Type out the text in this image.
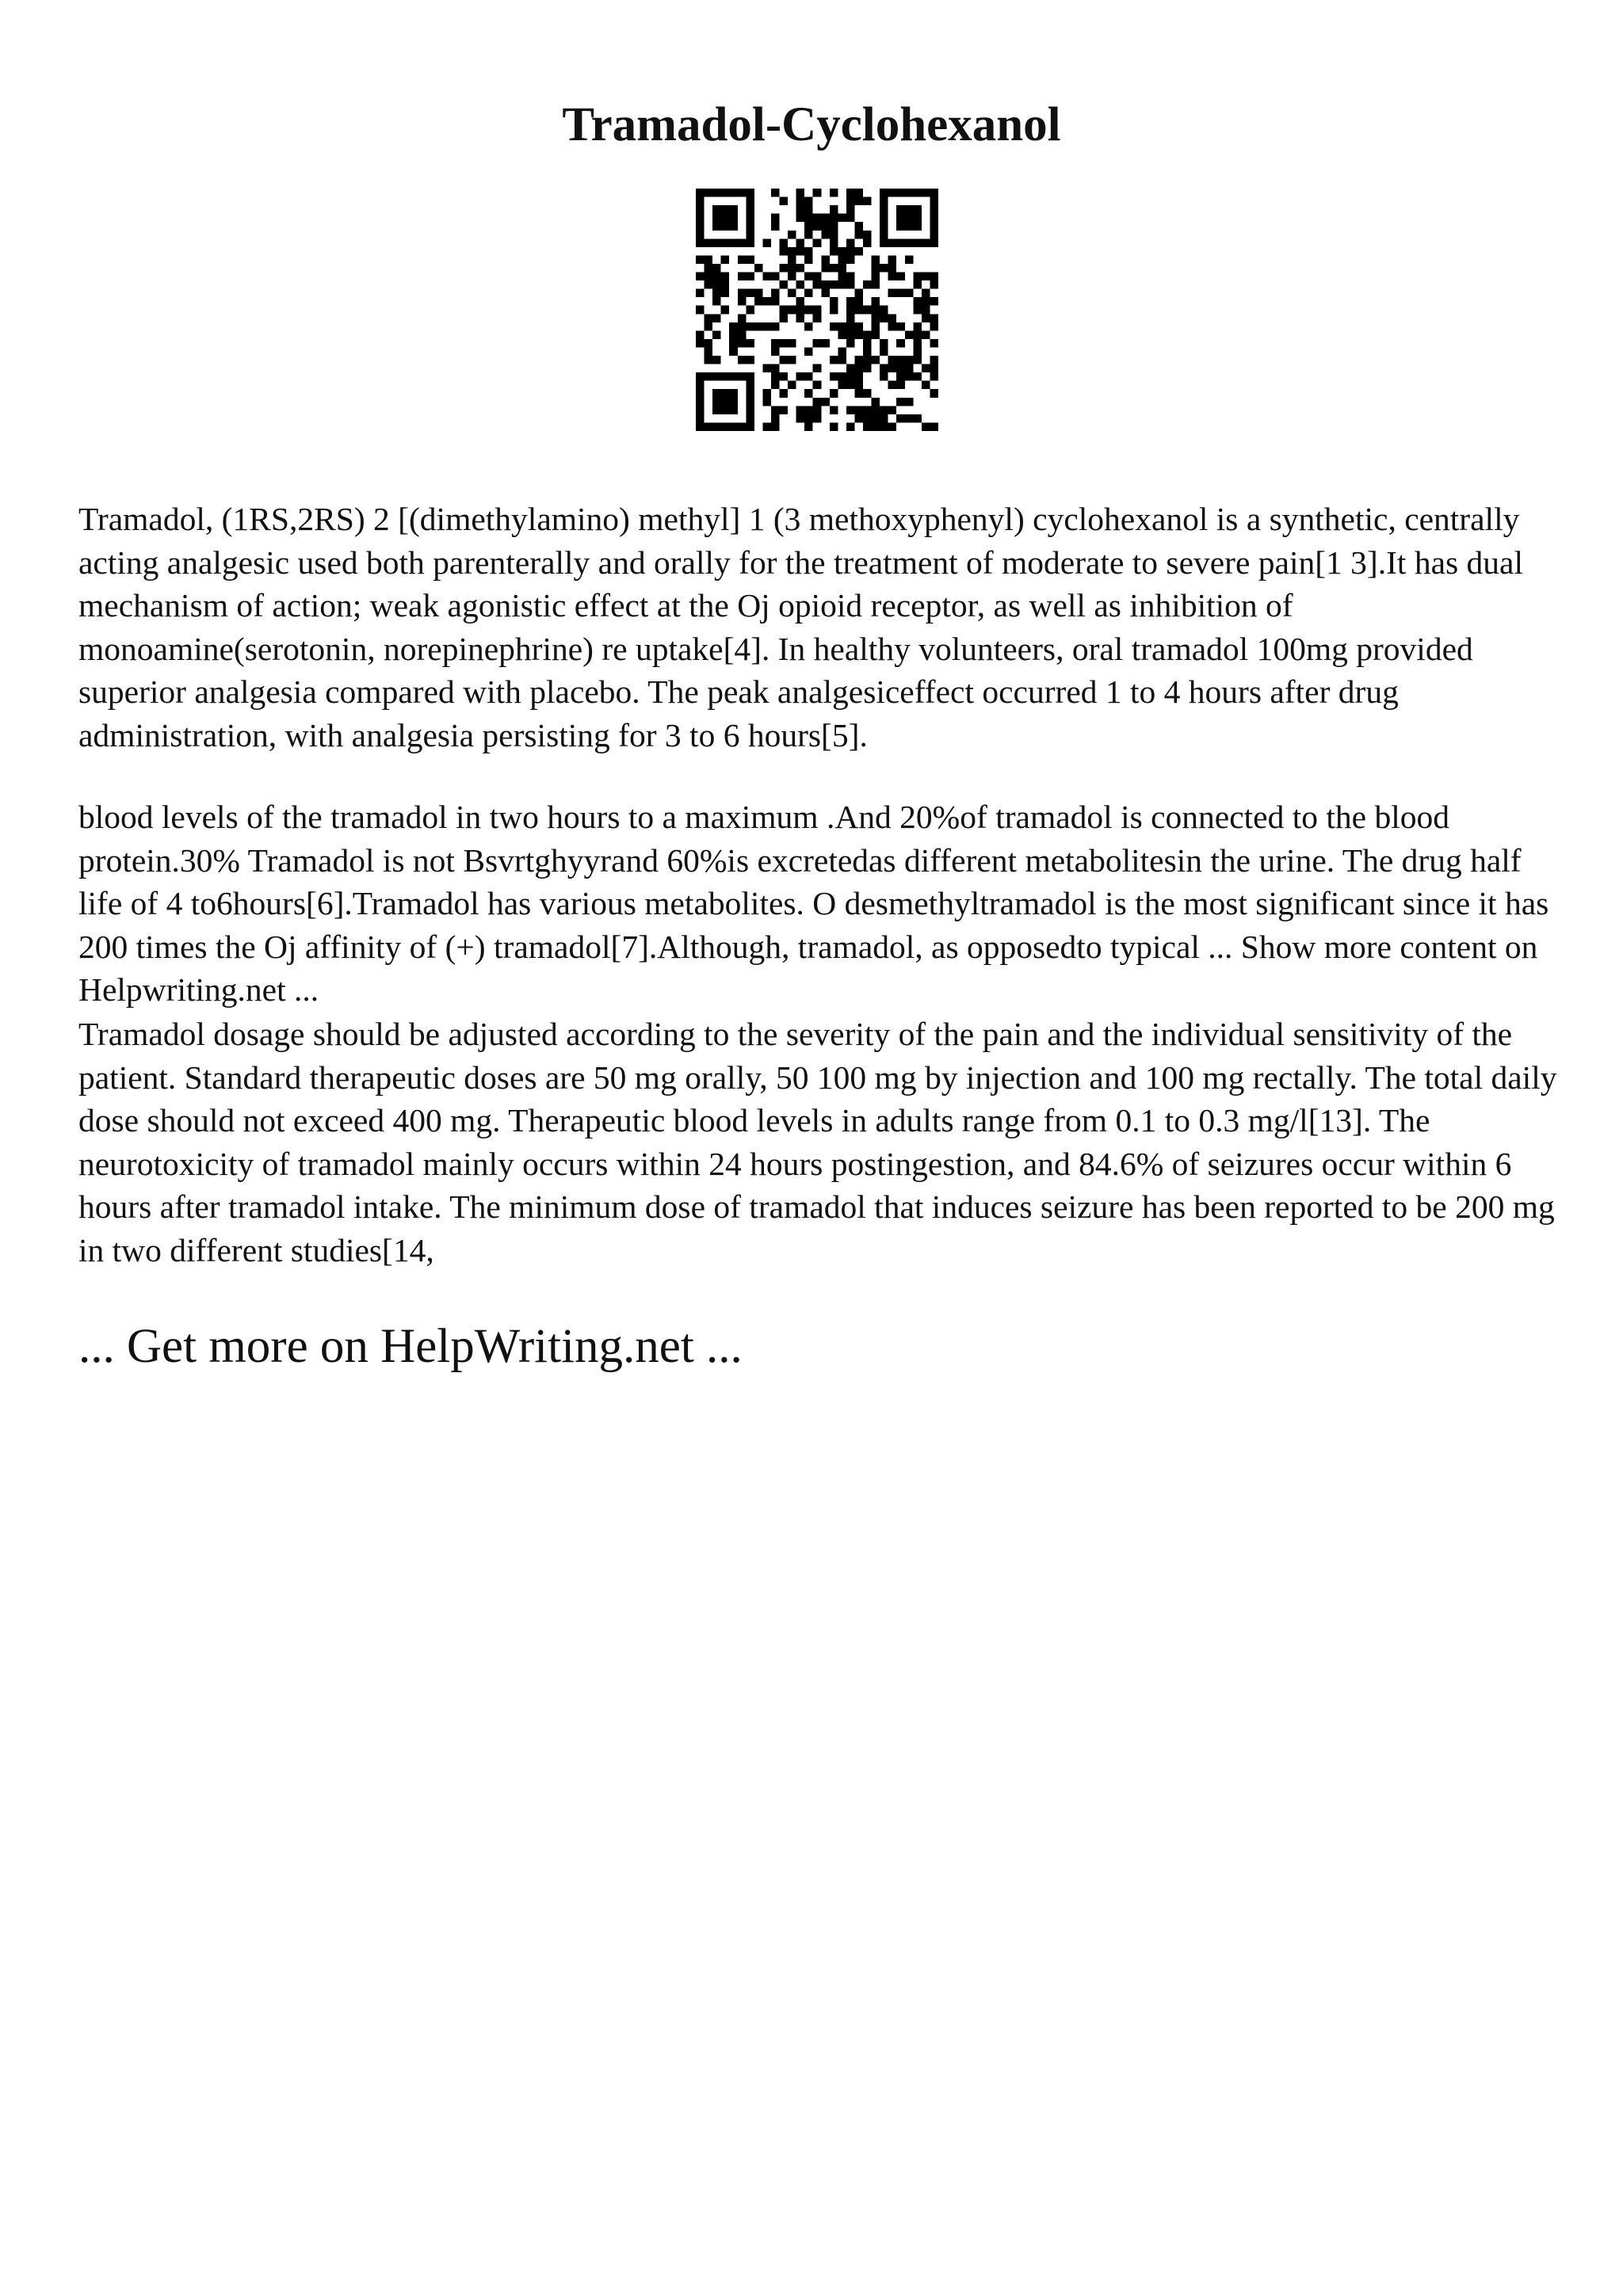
Tramadol-Cyclohexanol

Tramadol, (1RS,2RS) 2 [(dimethylamino) methyl] 1 (3 methoxyphenyl) cyclohexanol is a synthetic, centrally acting analgesic used both parenterally and orally for the treatment of moderate to severe pain[1 3].It has dual mechanism of action; weak agonistic effect at the Oj opioid receptor, as well as inhibition of monoamine(serotonin, norepinephrine) re uptake[4]. In healthy volunteers, oral tramadol 100mg provided superior analgesia compared with placebo. The peak analgesiceffect occurred 1 to 4 hours after drug administration, with analgesia persisting for 3 to 6 hours[5].

blood levels of the tramadol in two hours to a maximum .And 20%of tramadol is connected to the blood protein.30% Tramadol is not Bsvrtghyyrand 60%is excretedas different metabolitesin the urine. The drug half life of 4 to6hours[6].Tramadol has various metabolites. O desmethyltramadol is the most significant since it has 200 times the Oj affinity of (+) tramadol[7].Although, tramadol, as opposedto typical ... Show more content on Helpwriting.net ...

Tramadol dosage should be adjusted according to the severity of the pain and the individual sensitivity of the patient. Standard therapeutic doses are 50 mg orally, 50 100 mg by injection and 100 mg rectally. The total daily dose should not exceed 400 mg. Therapeutic blood levels in adults range from 0.1 to 0.3 mg/l[13]. The neurotoxicity of tramadol mainly occurs within 24 hours postingestion, and 84.6% of seizures occur within 6 hours after tramadol intake. The minimum dose of tramadol that induces seizure has been reported to be 200 mg in two different studies[14,

... Get more on HelpWriting.net ...
